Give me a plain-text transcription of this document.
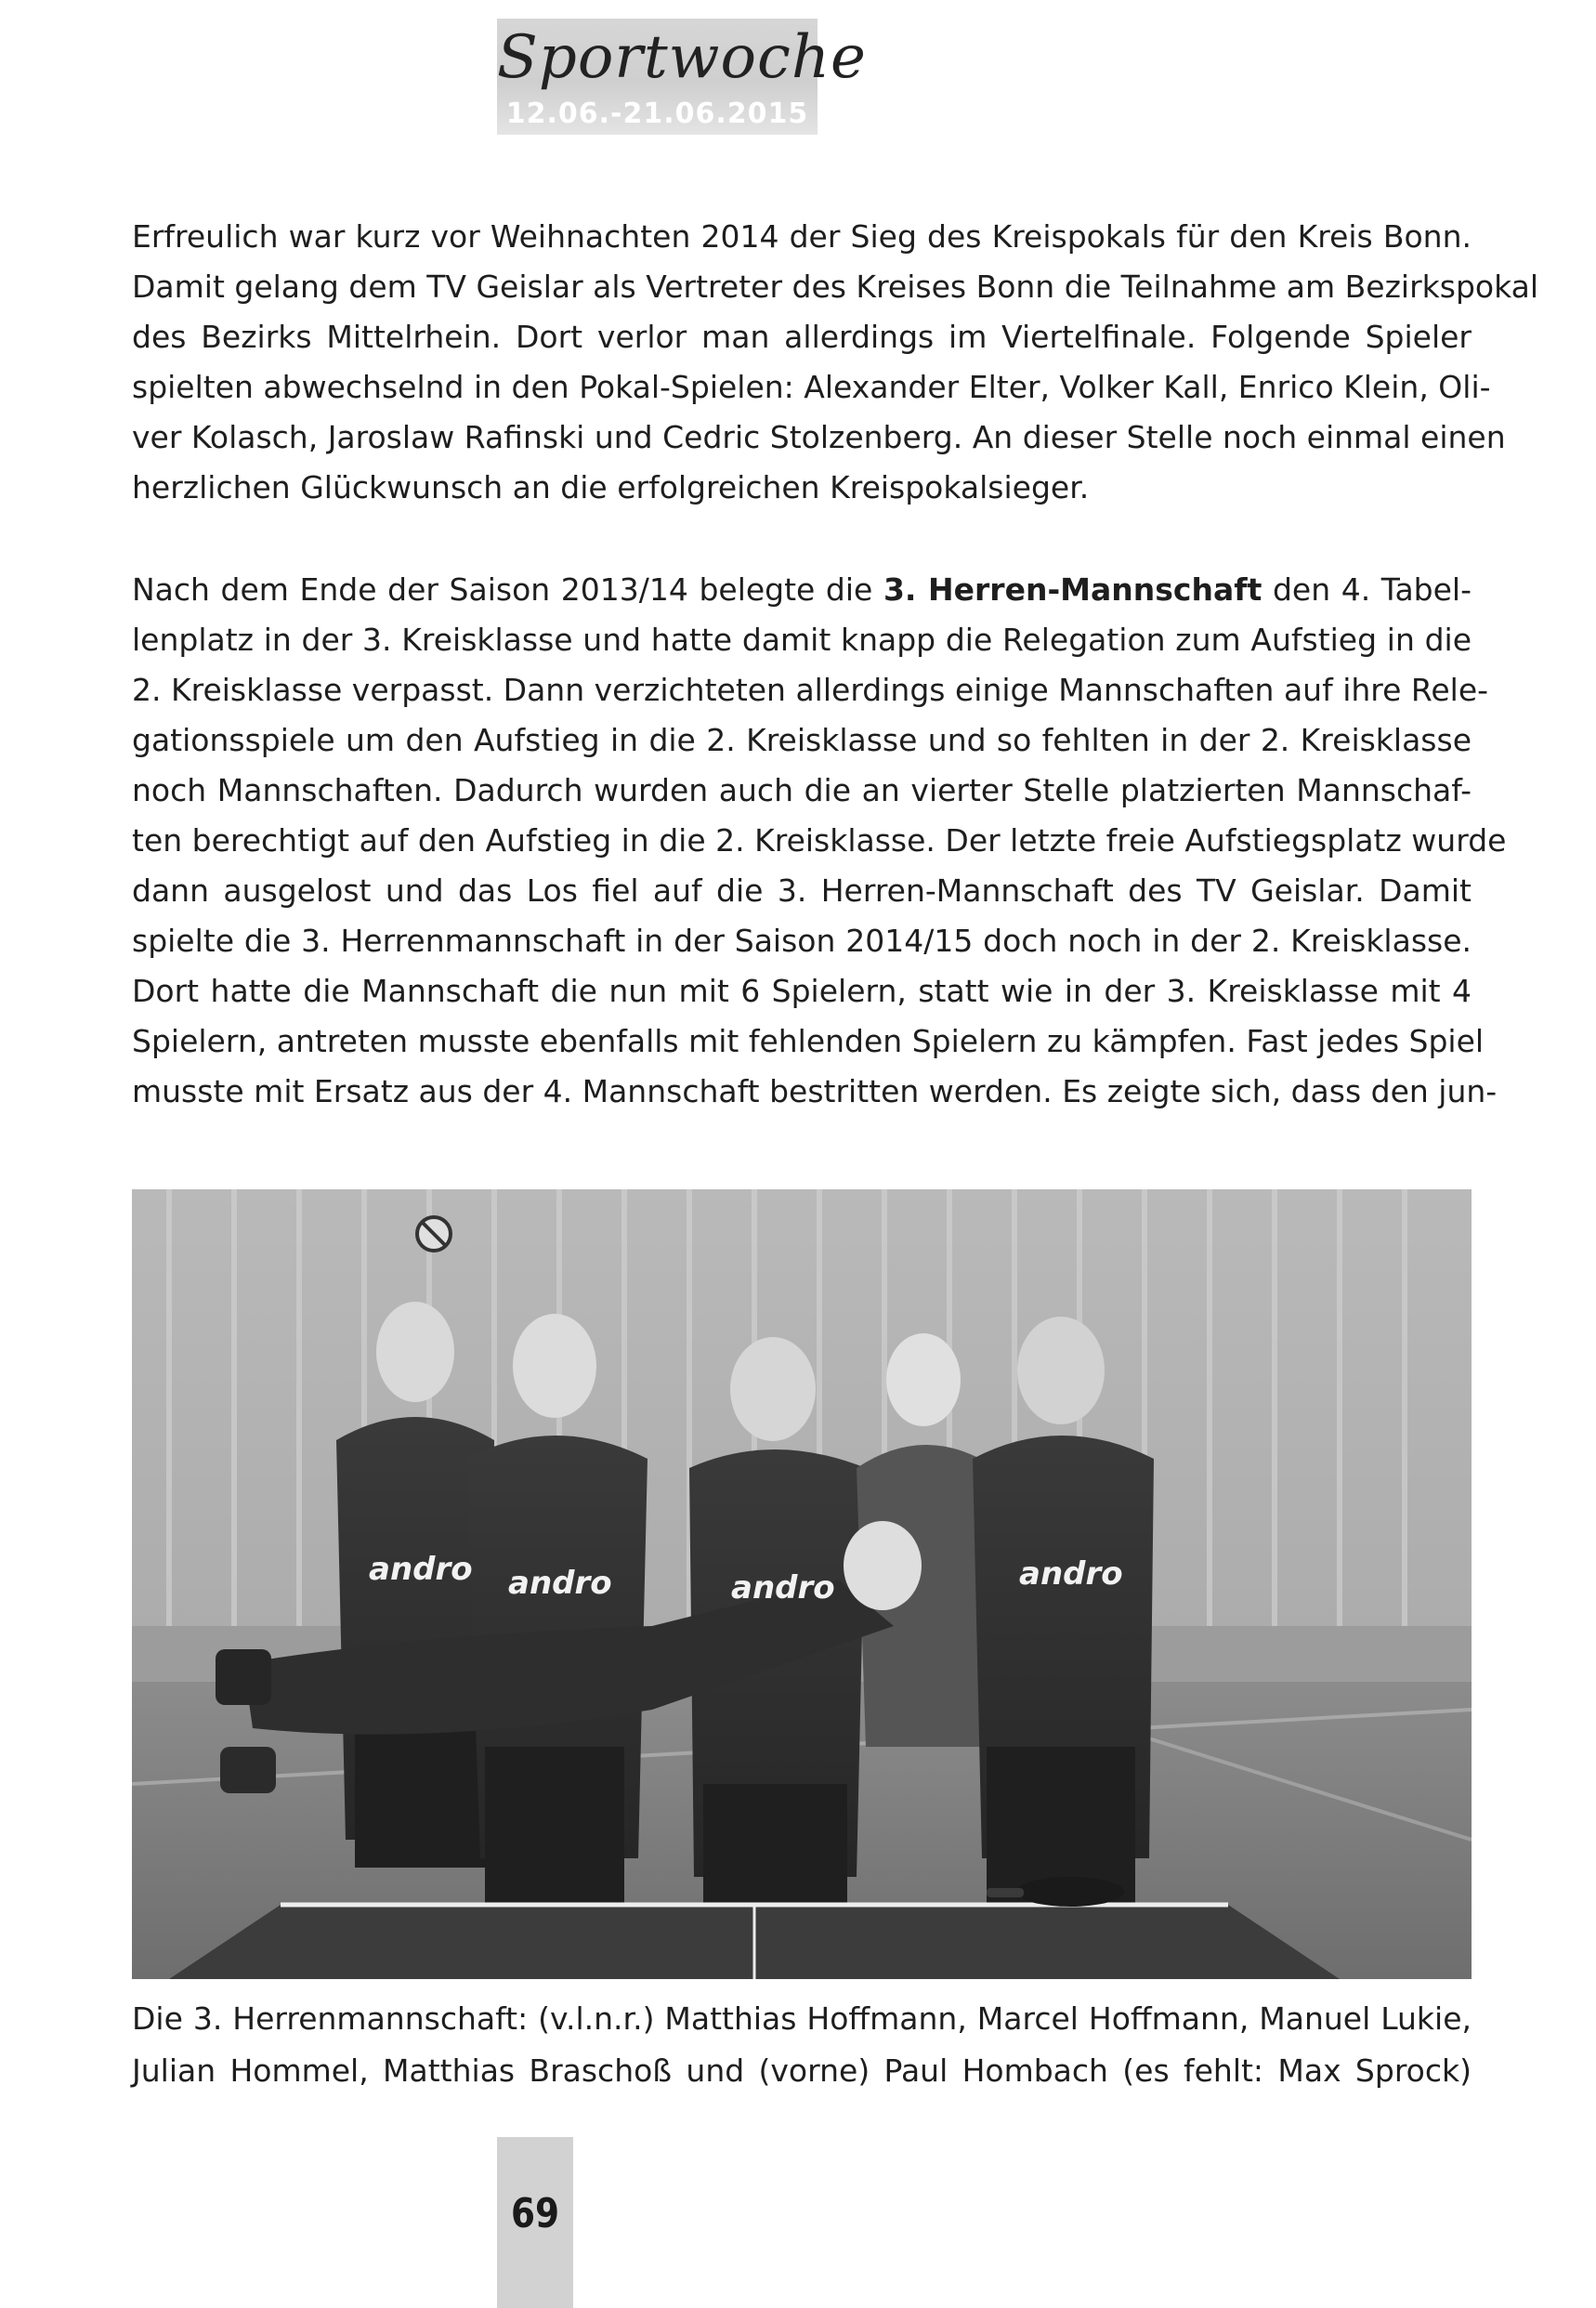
Sportwoche
12.06.-21.06.2015
Erfreulich war kurz vor Weihnachten 2014 der Sieg des Kreispokals für den Kreis Bonn.
Damit gelang dem TV Geislar als Vertreter des Kreises Bonn die Teilnahme am Bezirkspokal
des Bezirks Mittelrhein. Dort verlor man allerdings im Viertelfinale. Folgende Spieler
spielten abwechselnd in den Pokal-Spielen: Alexander Elter, Volker Kall, Enrico Klein, Oli-
ver Kolasch, Jaroslaw Rafinski und Cedric Stolzenberg. An dieser Stelle noch einmal einen
herzlichen Glückwunsch an die erfolgreichen Kreispokalsieger.
Nach dem Ende der Saison 2013/14 belegte die 3. Herren-Mannschaft den 4. Tabel-
lenplatz in der 3. Kreisklasse und hatte damit knapp die Relegation zum Aufstieg in die
2. Kreisklasse verpasst. Dann verzichteten allerdings einige Mannschaften auf ihre Rele-
gationsspiele um den Aufstieg in die 2. Kreisklasse und so fehlten in der 2. Kreisklasse
noch Mannschaften. Dadurch wurden auch die an vierter Stelle platzierten Mannschaf-
ten berechtigt auf den Aufstieg in die 2. Kreisklasse. Der letzte freie Aufstiegsplatz wurde
dann ausgelost und das Los fiel auf die 3. Herren-Mannschaft des TV Geislar. Damit
spielte die 3. Herrenmannschaft in der Saison 2014/15 doch noch in der 2. Kreisklasse.
Dort hatte die Mannschaft die nun mit 6 Spielern, statt wie in der 3. Kreisklasse mit 4
Spielern, antreten musste ebenfalls mit fehlenden Spielern zu kämpfen. Fast jedes Spiel
musste mit Ersatz aus der 4. Mannschaft bestritten werden. Es zeigte sich, dass den jun-
andro andro	andro	andro
Die 3. Herrenmannschaft: (v.l.n.r.) Matthias Hoffmann, Marcel Hoffmann, Manuel Lukie,
Julian Hommel, Matthias Braschoß und (vorne) Paul Hombach (es fehlt: Max Sprock)
69
